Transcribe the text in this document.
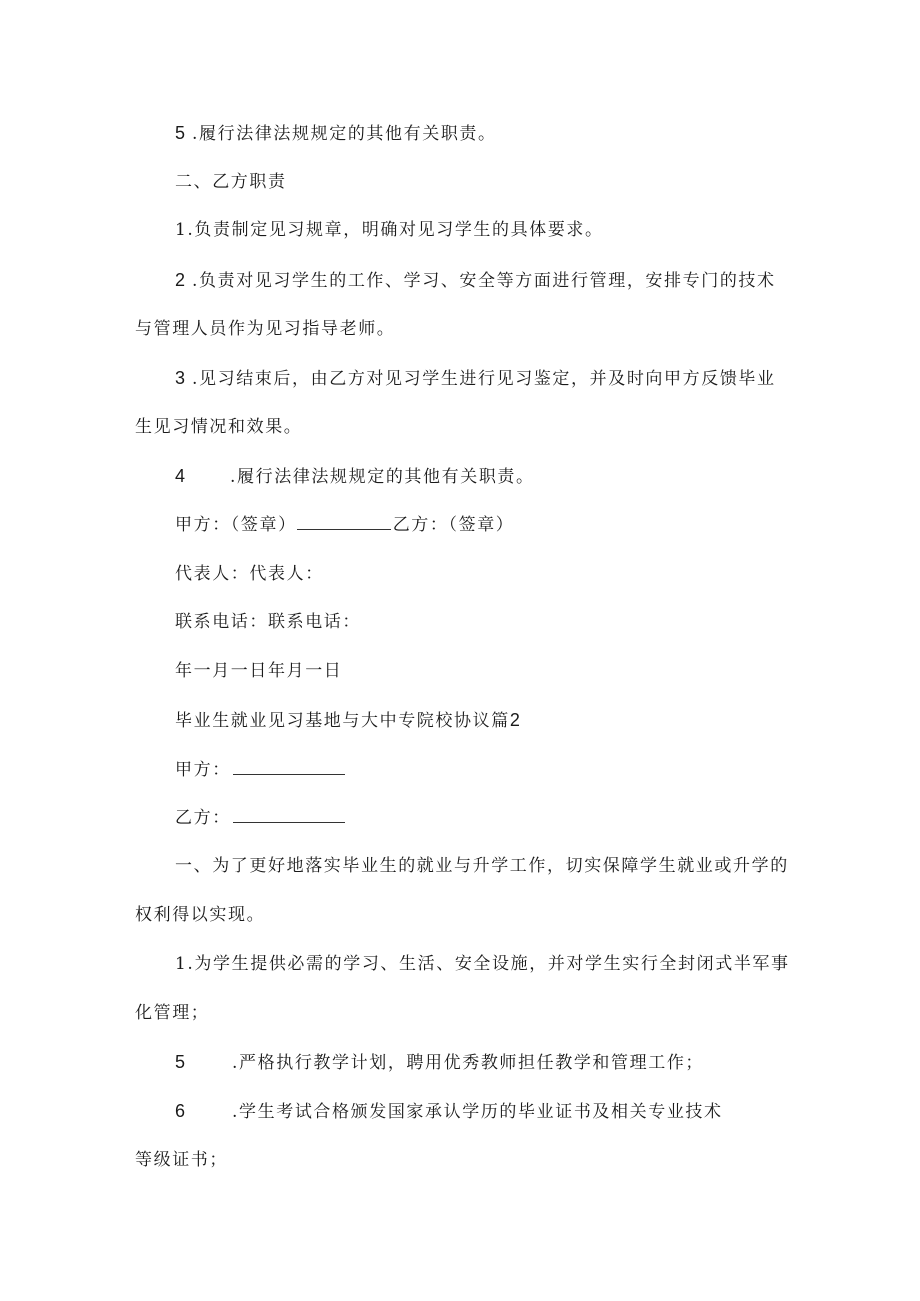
5 .履行法律法规规定的其他有关职责。
二、乙方职责
1.负责制定见习规章，明确对见习学生的具体要求。
2 .负责对见习学生的工作、学习、安全等方面进行管理，安排专门的技术
与管理人员作为见习指导老师。
3 .见习结束后，由乙方对见习学生进行见习鉴定，并及时向甲方反馈毕业
生见习情况和效果。
4	.履行法律法规规定的其他有关职责。
甲方：（签章）	乙方：（签章）
代表人：代表人：
联系电话：联系电话：
年一月一日年月一日
毕业生就业见习基地与大中专院校协议篇2
甲方：
乙方：
一、为了更好地落实毕业生的就业与升学工作，切实保障学生就业或升学的
权利得以实现。
1.为学生提供必需的学习、生活、安全设施，并对学生实行全封闭式半军事
化管理；
5	.严格执行教学计划，聘用优秀教师担任教学和管理工作；
6	.学生考试合格颁发国家承认学历的毕业证书及相关专业技术
等级证书；
